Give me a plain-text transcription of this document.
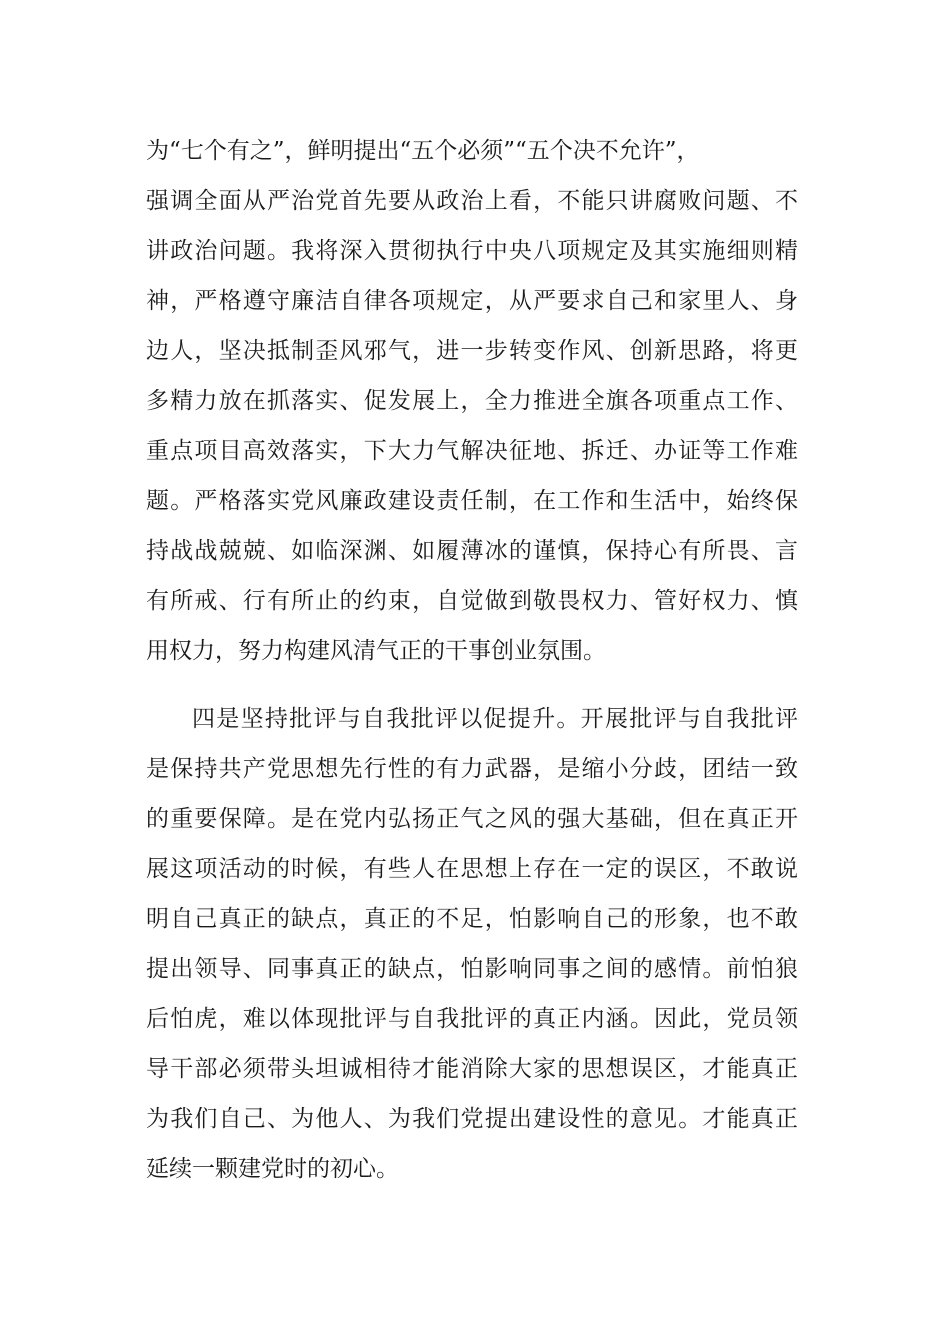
为“七个有之”，鲜明提出“五个必须”“五个决不允许”，
强调全面从严治党首先要从政治上看，不能只讲腐败问题、不
讲政治问题。我将深入贯彻执行中央八项规定及其实施细则精
神，严格遵守廉洁自律各项规定，从严要求自己和家里人、身
边人，坚决抵制歪风邪气，进一步转变作风、创新思路，将更
多精力放在抓落实、促发展上，全力推进全旗各项重点工作、
重点项目高效落实，下大力气解决征地、拆迁、办证等工作难
题。严格落实党风廉政建设责任制，在工作和生活中，始终保
持战战兢兢、如临深渊、如履薄冰的谨慎，保持心有所畏、言
有所戒、行有所止的约束，自觉做到敬畏权力、管好权力、慎
用权力，努力构建风清气正的干事创业氛围。
四是坚持批评与自我批评以促提升。开展批评与自我批评
是保持共产党思想先行性的有力武器，是缩小分歧，团结一致
的重要保障。是在党内弘扬正气之风的强大基础，但在真正开
展这项活动的时候，有些人在思想上存在一定的误区，不敢说
明自己真正的缺点，真正的不足，怕影响自己的形象，也不敢
提出领导、同事真正的缺点，怕影响同事之间的感情。前怕狼
后怕虎，难以体现批评与自我批评的真正内涵。因此，党员领
导干部必须带头坦诚相待才能消除大家的思想误区，才能真正
为我们自己、为他人、为我们党提出建设性的意见。才能真正
延续一颗建党时的初心。
